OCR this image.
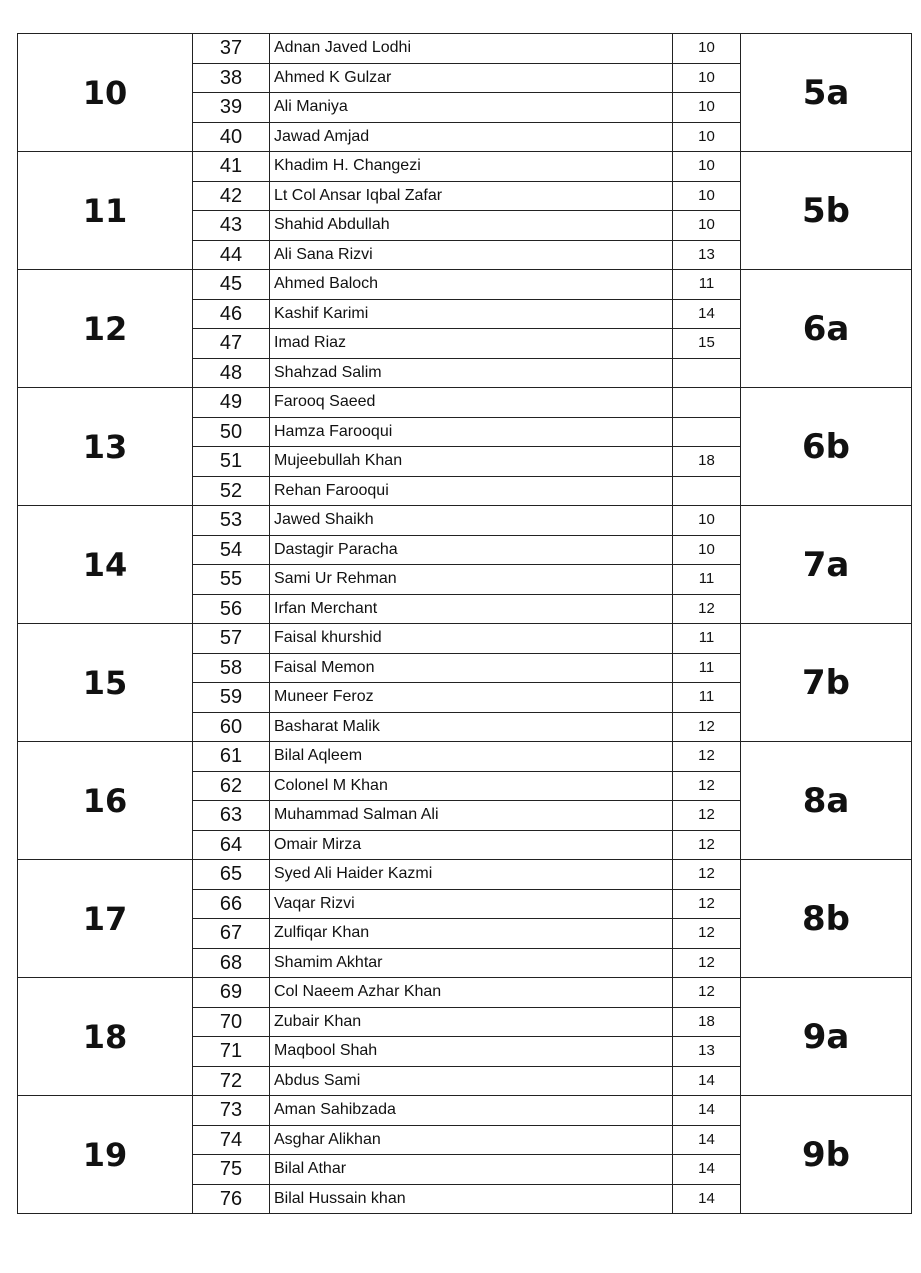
10	37	Adnan Javed Lodhi	10	5a
	38	Ahmed K Gulzar	10	
	39	Ali Maniya	10	
	40	Jawad Amjad	10	
11	41	Khadim H. Changezi	10	5b
	42	Lt Col Ansar Iqbal Zafar	10	
	43	Shahid Abdullah	10	
	44	Ali Sana Rizvi	13	
12	45	Ahmed Baloch	11	6a
	46	Kashif Karimi	14	
	47	Imad Riaz	15	
	48	Shahzad Salim		
13	49	Farooq Saeed		6b
	50	Hamza Farooqui		
	51	Mujeebullah Khan	18	
	52	Rehan Farooqui		
14	53	Jawed Shaikh	10	7a
	54	Dastagir Paracha	10	
	55	Sami Ur Rehman	11	
	56	Irfan Merchant	12	
15	57	Faisal khurshid	11	7b
	58	Faisal Memon	11	
	59	Muneer Feroz	11	
	60	Basharat Malik	12	
16	61	Bilal Aqleem	12	8a
	62	Colonel M Khan	12	
	63	Muhammad Salman Ali	12	
	64	Omair Mirza	12	
17	65	Syed Ali Haider Kazmi	12	8b
	66	Vaqar Rizvi	12	
	67	Zulfiqar Khan	12	
	68	Shamim Akhtar	12	
18	69	Col Naeem Azhar Khan	12	9a
	70	Zubair Khan	18	
	71	Maqbool Shah	13	
	72	Abdus Sami	14	
19	73	Aman Sahibzada	14	9b
	74	Asghar Alikhan	14	
	75	Bilal Athar	14	
	76	Bilal Hussain khan	14	
